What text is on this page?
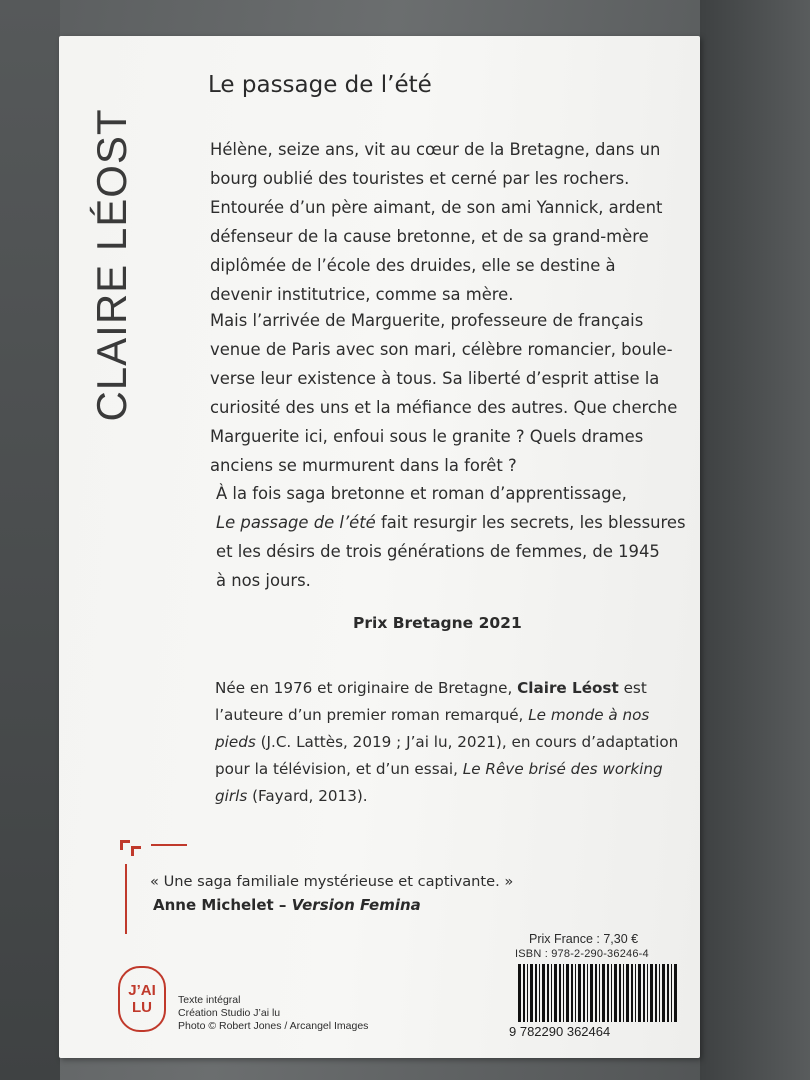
CLAIRE LÉOST
Le passage de l’été
Hélène, seize ans, vit au cœur de la Bretagne, dans un
bourg oublié des touristes et cerné par les rochers.
Entourée d’un père aimant, de son ami Yannick, ardent
défenseur de la cause bretonne, et de sa grand-mère
diplômée de l’école des druides, elle se destine à
devenir institutrice, comme sa mère.
Mais l’arrivée de Marguerite, professeure de français
venue de Paris avec son mari, célèbre romancier, boule-
verse leur existence à tous. Sa liberté d’esprit attise la
curiosité des uns et la méfiance des autres. Que cherche
Marguerite ici, enfoui sous le granite ? Quels drames
anciens se murmurent dans la forêt ?
À la fois saga bretonne et roman d’apprentissage,
Le passage de l’été fait resurgir les secrets, les blessures
et les désirs de trois générations de femmes, de 1945
à nos jours.
Prix Bretagne 2021
Née en 1976 et originaire de Bretagne, Claire Léost est
l’auteure d’un premier roman remarqué, Le monde à nos
pieds (J.C. Lattès, 2019 ; J’ai lu, 2021), en cours d’adaptation
pour la télévision, et d’un essai, Le Rêve brisé des working
girls (Fayard, 2013).
« Une saga familiale mystérieuse et captivante. »
Anne Michelet – Version Femina
J’AI
LU Texte intégral
Création Studio J’ai lu
Photo © Robert Jones / Arcangel Images
Prix France : 7,30 €
ISBN : 978-2-290-36246-4
9 782290 362464
